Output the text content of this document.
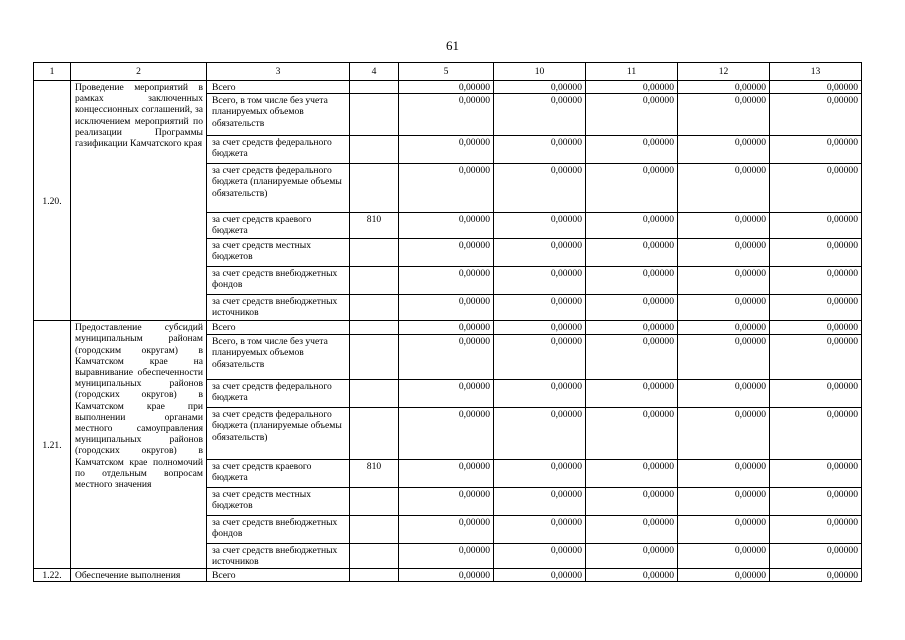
61
1	2	3	4	5	10	11	12	13
1.20.	Проведение мероприятий в рамках заключенных концессионных соглашений, за исключением мероприятий по реализации Программы газификации Камчатского края	Всего		0,00000	0,00000	0,00000	0,00000	0,00000
		Всего, в том числе без учета планируемых объемов обязательств		0,00000	0,00000	0,00000	0,00000	0,00000
		за счет средств федерального бюджета		0,00000	0,00000	0,00000	0,00000	0,00000
		за счет средств федерального бюджета (планируемые объемы обязательств)		0,00000	0,00000	0,00000	0,00000	0,00000
		за счет средств краевого бюджета	810	0,00000	0,00000	0,00000	0,00000	0,00000
		за счет средств местных бюджетов		0,00000	0,00000	0,00000	0,00000	0,00000
		за счет средств внебюджетных фондов		0,00000	0,00000	0,00000	0,00000	0,00000
		за счет средств внебюджетных источников		0,00000	0,00000	0,00000	0,00000	0,00000
1.21.	Предоставление субсидий муниципальным районам (городским округам) в Камчатском крае на выравнивание обеспеченности муниципальных районов (городских округов) в Камчатском крае при выполнении органами местного самоуправления муниципальных районов (городских округов) в Камчатском крае полномочий по отдельным вопросам местного значения	Всего		0,00000	0,00000	0,00000	0,00000	0,00000
		Всего, в том числе без учета планируемых объемов обязательств		0,00000	0,00000	0,00000	0,00000	0,00000
		за счет средств федерального бюджета		0,00000	0,00000	0,00000	0,00000	0,00000
		за счет средств федерального бюджета (планируемые объемы обязательств)		0,00000	0,00000	0,00000	0,00000	0,00000
		за счет средств краевого бюджета	810	0,00000	0,00000	0,00000	0,00000	0,00000
		за счет средств местных бюджетов		0,00000	0,00000	0,00000	0,00000	0,00000
		за счет средств внебюджетных фондов		0,00000	0,00000	0,00000	0,00000	0,00000
		за счет средств внебюджетных источников		0,00000	0,00000	0,00000	0,00000	0,00000
1.22.	Обеспечение выполнения	Всего		0,00000	0,00000	0,00000	0,00000	0,00000
